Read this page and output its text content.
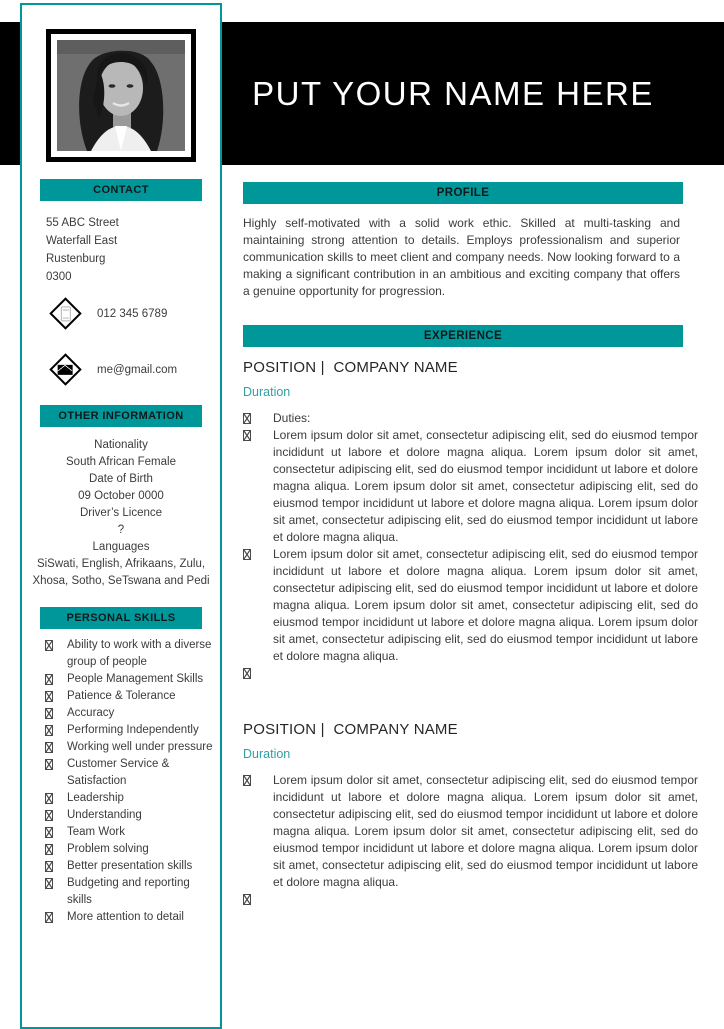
PUT YOUR NAME HERE
CONTACT
55 ABC Street
Waterfall East
Rustenburg
0300
012 345 6789
me@gmail.com
OTHER INFORMATION
Nationality
South African Female
Date of Birth
09 October 0000
Driver’s Licence
?
Languages
SiSwati, English, Afrikaans, Zulu, Xhosa, Sotho, SeTswana and Pedi
PERSONAL SKILLS
Ability to work with a diverse group of people
People Management Skills
Patience & Tolerance
Accuracy
Performing Independently
Working well under pressure
Customer Service & Satisfaction
Leadership
Understanding
Team Work
Problem solving
Better presentation skills
Budgeting and reporting skills
More attention to detail
PROFILE

Highly self-motivated with a solid work ethic. Skilled at multi-tasking and maintaining strong attention to details. Employs professionalism and superior communication skills to meet client and company needs. Now looking forward to a making a significant contribution in an ambitious and exciting company that offers a genuine opportunity for progression.

EXPERIENCE
POSITION |  COMPANY NAME
Duration
Duties:
Lorem ipsum dolor sit amet, consectetur adipiscing elit, sed do eiusmod tempor incididunt ut labore et dolore magna aliqua. Lorem ipsum dolor sit amet, consectetur adipiscing elit, sed do eiusmod tempor incididunt ut labore et dolore magna aliqua. Lorem ipsum dolor sit amet, consectetur adipiscing elit, sed do eiusmod tempor incididunt ut labore et dolore magna aliqua. Lorem ipsum dolor sit amet, consectetur adipiscing elit, sed do eiusmod tempor incididunt ut labore et dolore magna aliqua.
Lorem ipsum dolor sit amet, consectetur adipiscing elit, sed do eiusmod tempor incididunt ut labore et dolore magna aliqua. Lorem ipsum dolor sit amet, consectetur adipiscing elit, sed do eiusmod tempor incididunt ut labore et dolore magna aliqua. Lorem ipsum dolor sit amet, consectetur adipiscing elit, sed do eiusmod tempor incididunt ut labore et dolore magna aliqua. Lorem ipsum dolor sit amet, consectetur adipiscing elit, sed do eiusmod tempor incididunt ut labore et dolore magna aliqua.
POSITION |  COMPANY NAME
Duration
Lorem ipsum dolor sit amet, consectetur adipiscing elit, sed do eiusmod tempor incididunt ut labore et dolore magna aliqua. Lorem ipsum dolor sit amet, consectetur adipiscing elit, sed do eiusmod tempor incididunt ut labore et dolore magna aliqua. Lorem ipsum dolor sit amet, consectetur adipiscing elit, sed do eiusmod tempor incididunt ut labore et dolore magna aliqua. Lorem ipsum dolor sit amet, consectetur adipiscing elit, sed do eiusmod tempor incididunt ut labore et dolore magna aliqua.
